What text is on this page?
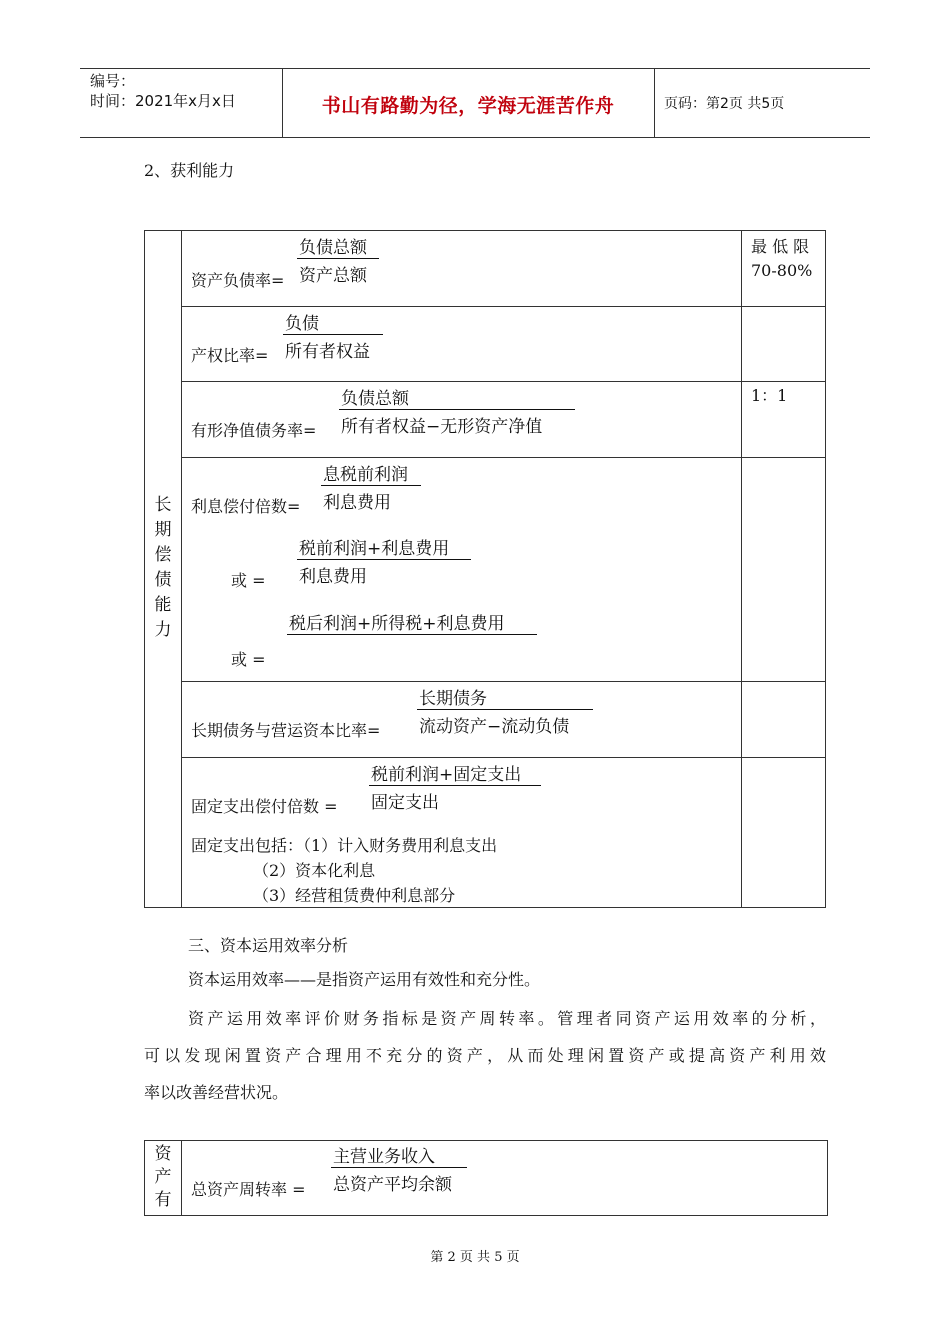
编号：
时间：2021年x月x日	书山有路勤为径，学海无涯苦作舟	页码：第2页 共5页
2、获利能力
长
期
偿
债
能
力
负债总额
资产负债率= 资产总额
最 低 限 70-80%
负债
产权比率= 所有者权益
负债总额
有形净值债务率= 所有者权益−无形资产净值
1：1
息税前利润
利息偿付倍数= 利息费用
税前利润+利息费用
或 = 利息费用
税后利润+所得税+利息费用
或 =
长期债务
长期债务与营运资本比率= 流动资产−流动负债
税前利润+固定支出
固定支出偿付倍数 = 固定支出
固定支出包括：（1）计入财务费用利息支出
（2）资本化利息
（3）经营租赁费仲利息部分
三、资本运用效率分析
资本运用效率——是指资产运用有效性和充分性。
资产运用效率评价财务指标是资产周转率。管理者同资产运用效率的分析，
可以发现闲置资产合理用不充分的资产，从而处理闲置资产或提高资产利用效
率以改善经营状况。
资
产
有
主营业务收入
总资产周转率 = 总资产平均余额
第 2 页 共 5 页
